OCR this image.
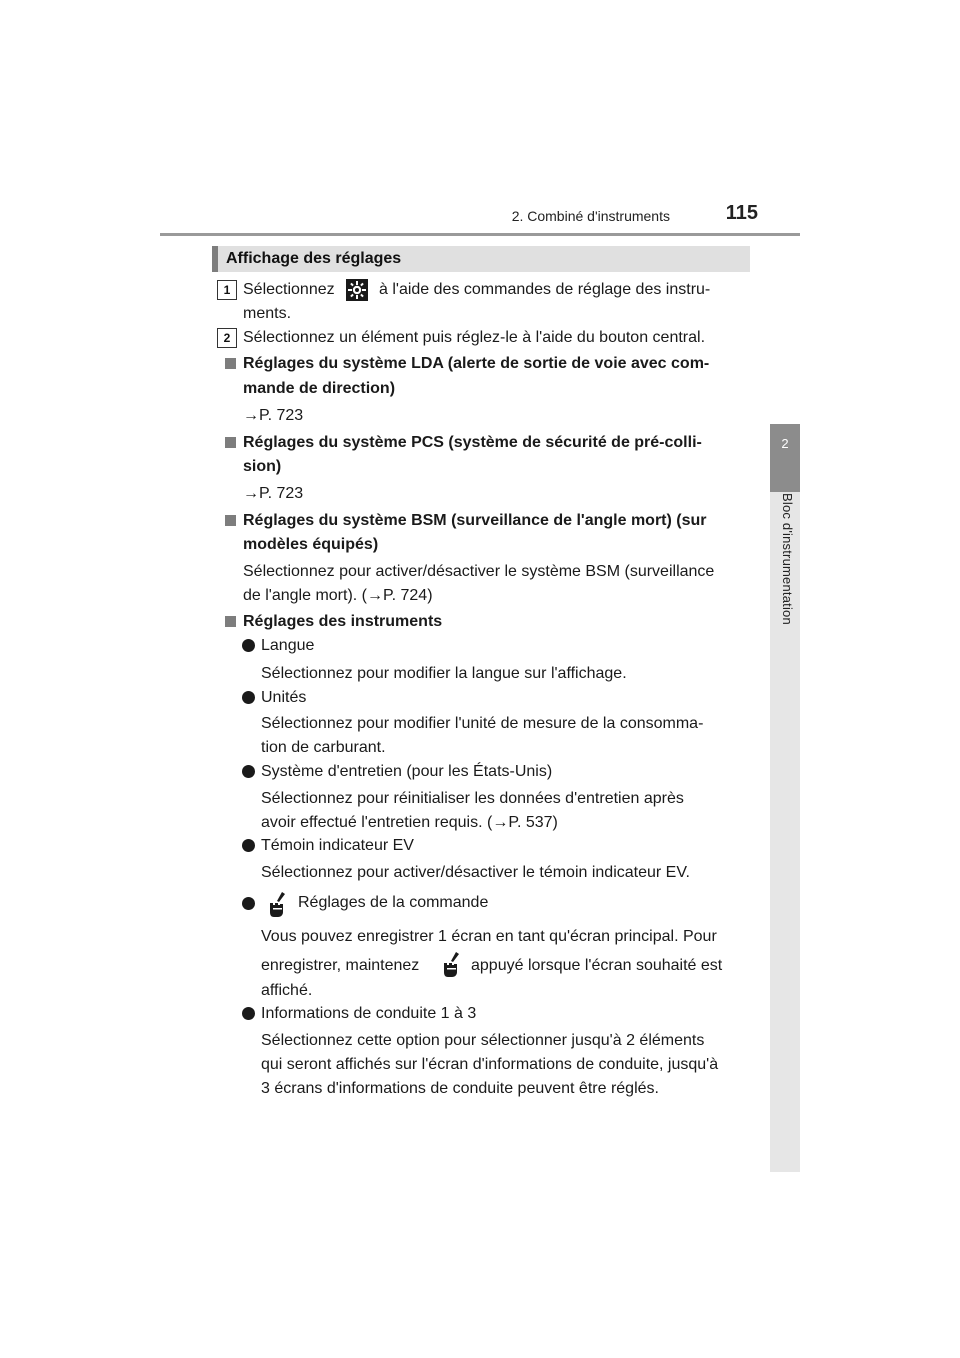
2. Combiné d'instruments	115
2
Bloc d'instrumentation
Affichage des réglages
1 Sélectionnez	à l'aide des commandes de réglage des instru-
ments.
2 Sélectionnez un élément puis réglez-le à l'aide du bouton central.
Réglages du système LDA (alerte de sortie de voie avec com-
mande de direction)
→P. 723
Réglages du système PCS (système de sécurité de pré-colli-
sion)
→P. 723
Réglages du système BSM (surveillance de l'angle mort) (sur
modèles équipés)
Sélectionnez pour activer/désactiver le système BSM (surveillance
de l'angle mort). (→P. 724)
Réglages des instruments
Langue
Sélectionnez pour modifier la langue sur l'affichage.
Unités
Sélectionnez pour modifier l'unité de mesure de la consomma-
tion de carburant.
Système d'entretien (pour les États-Unis)
Sélectionnez pour réinitialiser les données d'entretien après
avoir effectué l'entretien requis. (→P. 537)
Témoin indicateur EV
Sélectionnez pour activer/désactiver le témoin indicateur EV.
Réglages de la commande
Vous pouvez enregistrer 1 écran en tant qu'écran principal. Pour
enregistrer, maintenez	appuyé lorsque l'écran souhaité est
affiché.
Informations de conduite 1 à 3
Sélectionnez cette option pour sélectionner jusqu'à 2 éléments
qui seront affichés sur l'écran d'informations de conduite, jusqu'à
3 écrans d'informations de conduite peuvent être réglés.
